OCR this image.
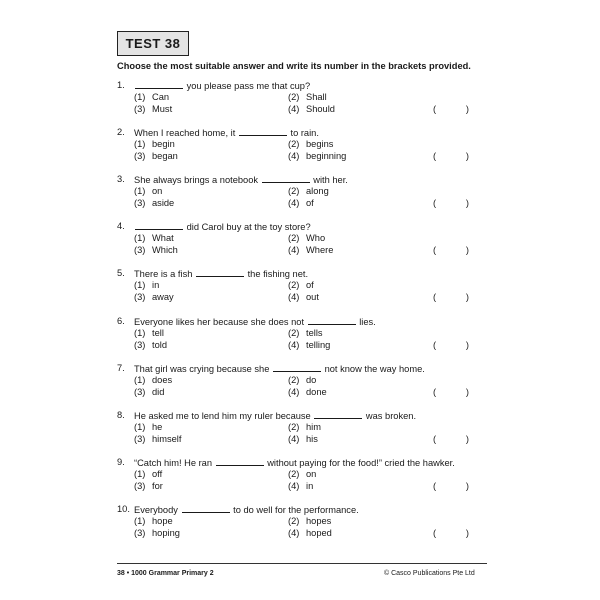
TEST 38
Choose the most suitable answer and write its number in the brackets provided.
1.	you please pass me that cup?
(1) Can	(2) Shall
(3) Must	(4) Should	(	)
2. When I reached home, it	to rain.
(1) begin	(2) begins
(3) began	(4) beginning	(	)
3. She always brings a notebook	with her.
(1) on	(2) along
(3) aside	(4) of	(	)
4.	did Carol buy at the toy store?
(1) What	(2) Who
(3) Which	(4) Where	(	)
5. There is a fish	the fishing net.
(1) in	(2) of
(3) away	(4) out	(	)
6. Everyone likes her because she does not	lies.
(1) tell	(2) tells
(3) told	(4) telling	(	)
7. That girl was crying because she	not know the way home.
(1) does	(2) do
(3) did	(4) done	(	)
8. He asked me to lend him my ruler because	was broken.
(1) he	(2) him
(3) himself	(4) his	(	)
9. “Catch him! He ran	without paying for the food!” cried the hawker.
(1) off	(2) on
(3) for	(4) in	(	)
10. Everybody	to do well for the performance.
(1) hope	(2) hopes
(3) hoping	(4) hoped	(	)
38 • 1000 Grammar Primary 2	© Casco Publications Pte Ltd
